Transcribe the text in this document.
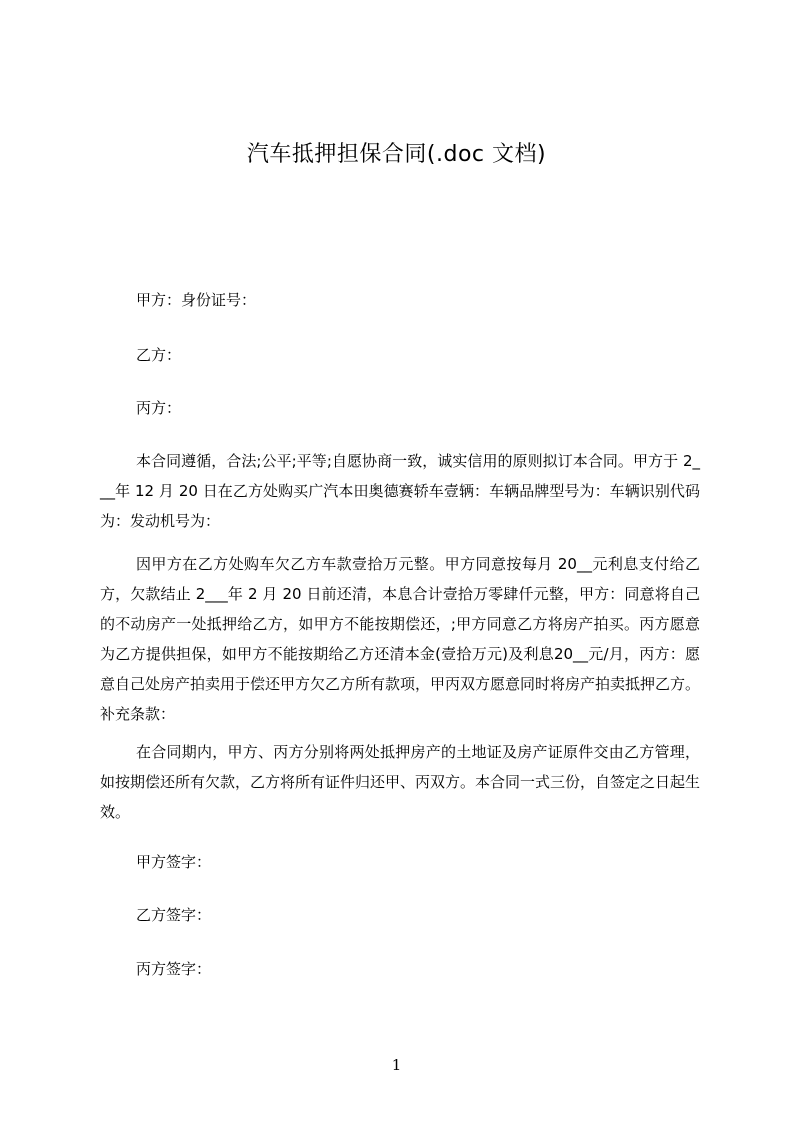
汽车抵押担保合同(.doc 文档)
甲方：身份证号：
乙方：
丙方：
本合同遵循，合法;公平;平等;自愿协商一致，诚实信用的原则拟订本合同。甲方于 2___年 12 月 20 日在乙方处购买广汽本田奥德赛轿车壹辆：车辆品牌型号为：车辆识别代码为：发动机号为：
因甲方在乙方处购车欠乙方车款壹拾万元整。甲方同意按每月 20__元利息支付给乙方，欠款结止 2___年 2 月 20 日前还清，本息合计壹拾万零肆仟元整，甲方：同意将自己的不动房产一处抵押给乙方，如甲方不能按期偿还，;甲方同意乙方将房产拍买。丙方愿意为乙方提供担保，如甲方不能按期给乙方还清本金(壹拾万元)及利息20__元/月，丙方：愿意自己处房产拍卖用于偿还甲方欠乙方所有款项，甲丙双方愿意同时将房产拍卖抵押乙方。补充条款：
在合同期内，甲方、丙方分别将两处抵押房产的土地证及房产证原件交由乙方管理，如按期偿还所有欠款，乙方将所有证件归还甲、丙双方。本合同一式三份，自签定之日起生效。
甲方签字：
乙方签字：
丙方签字：
1
